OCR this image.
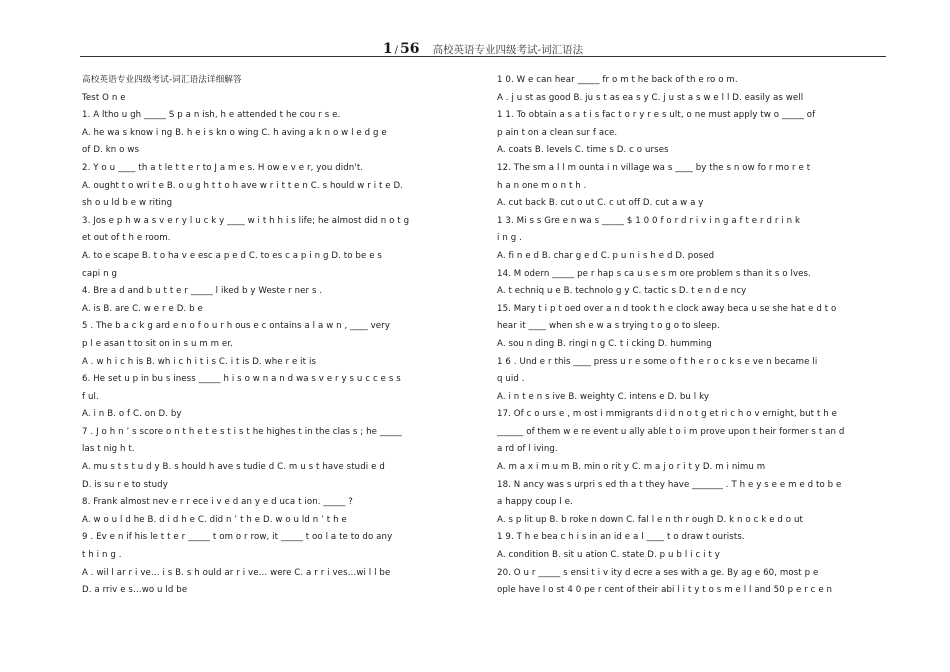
1 / 56 高校英语专业四级考试-词汇语法
高校英语专业四级考试-词汇语法详细解答
Test O n e
1. A ltho u gh _____ S p a n ish, h e attended t he cou r s e.
A. he wa s know i ng B. h e i s kn o wing C. h aving a k n o w l e d g e
of D. kn o ws
2. Y o u ____ th a t le t t e r to J a m e s. H ow e v e r, you didn't.
A. ought t o wri t e B. o u g h t t o h ave w r i t t e n C. s hould w r i t e D.
sh o u ld b e w riting
3. Jos e p h w a s v e r y l u c k y ____ w i t h h i s life; he almost did n o t g
et out of t h e room.
A. to e scape B. t o ha v e esc a p e d C. to es c a p i n g D. to be e s
capi n g
4. Bre a d and b u t t e r _____ l iked b y Weste r ner s .
A. is B. are C. w e r e D. b e
5 . The b a c k g ard e n o f o u r h ous e c ontains a l a w n , ____ very
p l e asan t to sit on in s u m m er.
A . w h i c h is B. wh i c h i t i s C. i t is D. whe r e it is
6. He set u p in bu s iness _____ h i s o w n a n d wa s v e r y s u c c e s s
f ul.
A. i n B. o f C. on D. by
7 . J o h n ’ s score o n t h e t e s t i s t he highes t in the clas s ; he _____
las t nig h t.
A. mu s t s t u d y B. s hould h ave s tudie d C. m u s t have studi e d
D. is su r e to study
8. Frank almost nev e r r ece i v e d an y e d uca t ion. _____ ?
A. w o u l d he B. d i d h e C. did n ’ t h e D. w o u ld n ’ t h e
9 . Ev e n if his le t t e r _____ t om o r row, it _____ t oo l a te to do any
t h i n g .
A . wil l ar r i ve… i s B. s h ould ar r i ve… were C. a r r i ves…wi l l be
D. a rriv e s…wo u ld be
1 0. W e can hear _____ fr o m t he back of th e ro o m.
A . j u st as good B. ju s t as ea s y C. j u st a s w e l l D. easily as well
1 1. To obtain a s a t i s fac t o r y r e s ult, o ne must apply tw o _____ of
p ain t on a clean sur f ace.
A. coats B. levels C. time s D. c o urses
12. The sm a l l m ounta i n village wa s ____ by the s n ow fo r mo r e t
h a n one m o n t h .
A. cut back B. cut o ut C. c ut off D. cut a w a y
1 3. Mi s s Gre e n wa s _____ $ 1 0 0 f o r d r i v i n g a f t e r d r i n k
i n g .
A. fi n e d B. char g e d C. p u n i s h e d D. posed
14. M odern _____ pe r hap s ca u s e s m ore problem s than it s o lves.
A. t echniq u e B. technolo g y C. tactic s D. t e n d e ncy
15. Mary t i p t oed over a n d took t h e clock away beca u se she hat e d t o
hear it ____ when sh e w a s trying t o g o to sleep.
A. sou n ding B. ringi n g C. t i cking D. humming
1 6 . Und e r this ____ press u r e some o f t h e r o c k s e ve n became li
q uid .
A. i n t e n s ive B. weighty C. intens e D. bu l ky
17. Of c o urs e , m ost i mmigrants d i d n o t g et ri c h o v ernight, but t h e
______ of them w e re event u ally able t o i m prove upon t heir former s t an d
a rd of l iving.
A. m a x i m u m B. min o rit y C. m a j o r i t y D. m i nimu m
18. N ancy was s urpri s ed th a t they have _______ . T h e y s e e m e d to b e
a happy coup l e.
A. s p lit up B. b roke n down C. fal l e n th r ough D. k n o c k e d o ut
1 9. T h e bea c h i s in an id e a l ____ t o draw t ourists.
A. condition B. sit u ation C. state D. p u b l i c i t y
20. O u r _____ s ensi t i v ity d ecre a ses with a ge. By ag e 60, most p e
ople have l o st 4 0 pe r cent of their abi l i t y t o s m e l l and 50 p e r c e n
